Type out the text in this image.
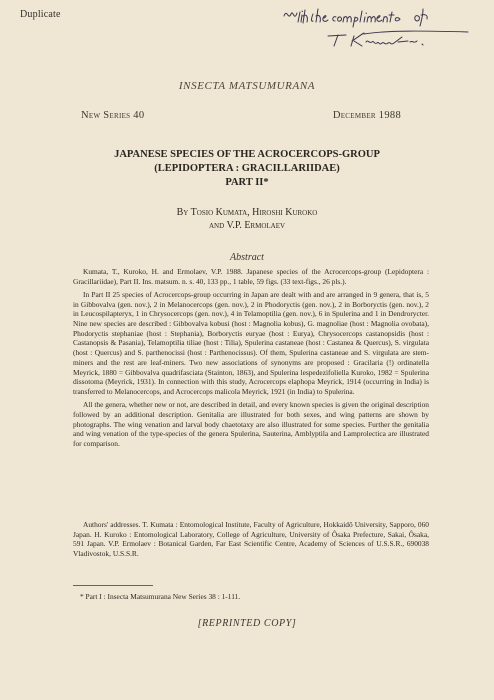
Duplicate
INSECTA MATSUMURANA
New Series 40	December 1988
JAPANESE SPECIES OF THE ACROCERCOPS-GROUP
(LEPIDOPTERA : GRACILLARIIDAE)
PART II*
By Tosio Kumata, Hiroshi Kuroko
and V.P. Ermolaev
Abstract

Kumata, T., Kuroko, H. and Ermolaev, V.P. 1988. Japanese species of the Acrocercops-group (Lepidoptera : Gracillariidae), Part II. Ins. matsum. n. s. 40, 133 pp., 1 table, 59 figs. (33 text-figs., 26 pls.).

In Part II 25 species of Acrocercops-group occurring in Japan are dealt with and are arranged in 9 genera, that is, 5 in Gibbovalva (gen. nov.), 2 in Melanocercops (gen. nov.), 2 in Phodoryctis (gen. nov.), 2 in Borboryctis (gen. nov.), 2 in Leucospilapteryx, 1 in Chrysocercops (gen. nov.), 4 in Telamoptilia (gen. nov.), 6 in Spulerina and 1 in Dendrorycter. Nine new species are described : Gibbovalva kobusi (host : Magnolia kobus), G. magnoliae (host : Magnolia ovobata), Phodoryctis stephaniae (host : Stephania), Borboryctis euryae (host : Eurya), Chrysocercops castanopsidis (host : Castanopsis & Pasania), Telamoptilia tiliae (host : Tilia), Spulerina castaneae (host : Castanea & Quercus), S. virgulata (host : Quercus) and S. parthenocissi (host : Parthenocissus). Of them, Spulerina castaneae and S. virgulata are stem-miners and the rest are leaf-miners. Two new associations of synonyms are proposed : Gracilaria (!) ordinatella Meyrick, 1880 = Gibbovalva quadrifasciata (Stainton, 1863), and Spulerina lespedezifoliella Kuroko, 1982 = Spulerina dissotoma (Meyrick, 1931). In connection with this study, Acrocercops elaphopa Meyrick, 1914 (occurring in India) is transferred to Melanocercops, and Acrocercops malicola Meyrick, 1921 (in India) to Spulerina.

All the genera, whether new or not, are described in detail, and every known species is given the original description followed by an additional description. Genitalia are illustrated for both sexes, and wing patterns are shown by photographs. The wing venation and larval body chaetotaxy are also illustrated for some species. Further the genitalia and wing venation of the type-species of the genera Spulerina, Sauterina, Amblyptila and Lamprolectica are illustrated for comparison.

Authors' addresses. T. Kumata : Entomological Institute, Faculty of Agriculture, Hokkaidô University, Sapporo, 060 Japan. H. Kuroko : Entomological Laboratory, College of Agriculture, University of Ôsaka Prefecture, Sakai, Ôsaka, 591 Japan. V.P. Ermolaev : Botanical Garden, Far East Scientific Centre, Academy of Sciences of U.S.S.R., 690038 Vladivostok, U.S.S.R.

* Part I : Insecta Matsumurana New Series 38 : 1-111.
[REPRINTED COPY]
